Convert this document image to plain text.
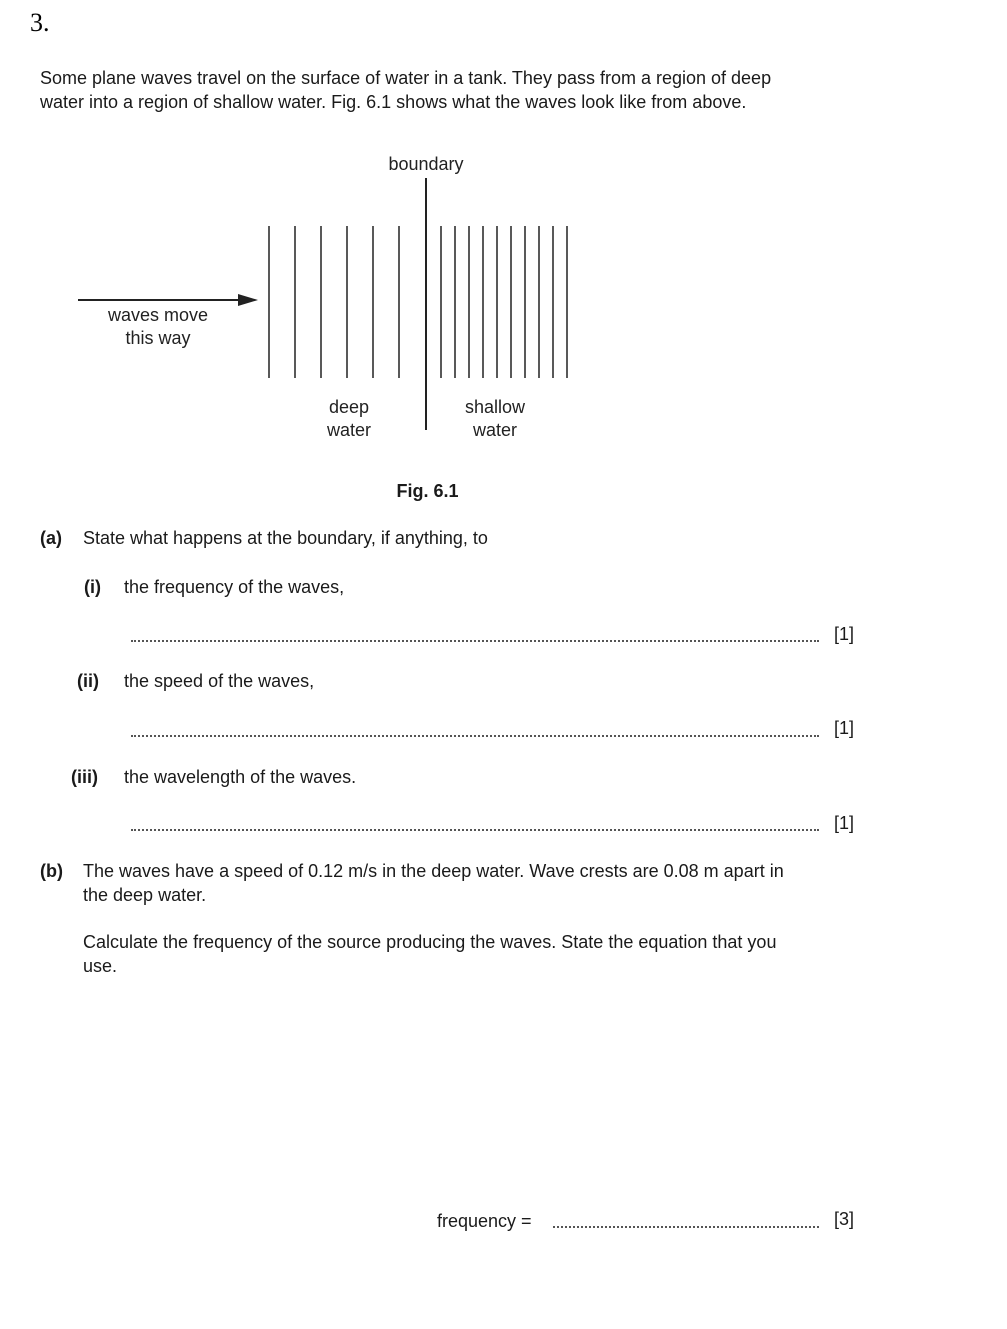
3.
Some plane waves travel on the surface of water in a tank. They pass from a region of deep
water into a region of shallow water. Fig. 6.1 shows what the waves look like from above.
boundary
waves move
this way
deep
water
shallow
water
Fig. 6.1
(a) State what happens at the boundary, if anything, to
(i) the frequency of the waves,
[1]
(ii) the speed of the waves,
[1]
(iii) the wavelength of the waves.
[1]
(b) The waves have a speed of 0.12 m/s in the deep water. Wave crests are 0.08 m apart in
the deep water.
Calculate the frequency of the source producing the waves. State the equation that you
use.
frequency =	[3]
